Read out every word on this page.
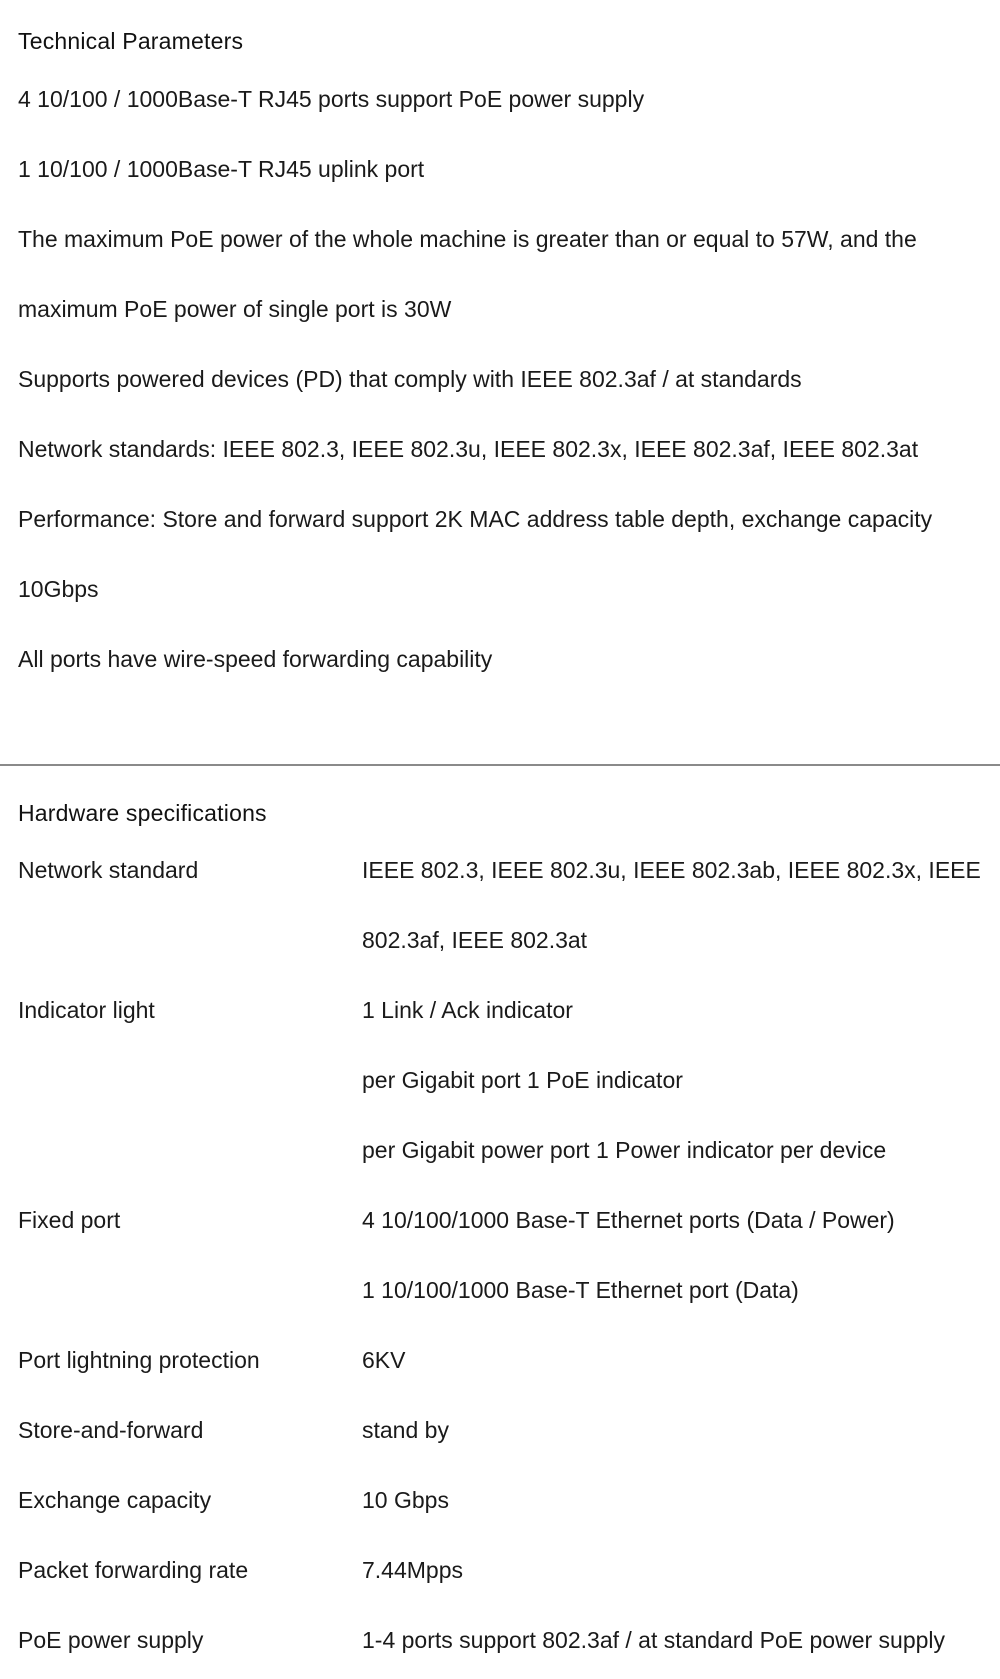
Technical Parameters
4 10/100 / 1000Base-T RJ45 ports support PoE power supply
1 10/100 / 1000Base-T RJ45 uplink port
The maximum PoE power of the whole machine is greater than or equal to 57W, and the
maximum PoE power of single port is 30W
Supports powered devices (PD) that comply with IEEE 802.3af / at standards
Network standards: IEEE 802.3, IEEE 802.3u, IEEE 802.3x, IEEE 802.3af, IEEE 802.3at
Performance: Store and forward support 2K MAC address table depth, exchange capacity
10Gbps
All ports have wire-speed forwarding capability
Hardware specifications
Network standard	IEEE 802.3, IEEE 802.3u, IEEE 802.3ab, IEEE 802.3x, IEEE
802.3af, IEEE 802.3at
Indicator light	1 Link / Ack indicator
per Gigabit port 1 PoE indicator
per Gigabit power port 1 Power indicator per device
Fixed port	4 10/100/1000 Base-T Ethernet ports (Data / Power)
1 10/100/1000 Base-T Ethernet port (Data)
Port lightning protection	6KV
Store-and-forward	stand by
Exchange capacity	10 Gbps
Packet forwarding rate	7.44Mpps
PoE power supply	1-4 ports support 802.3af / at standard PoE power supply
